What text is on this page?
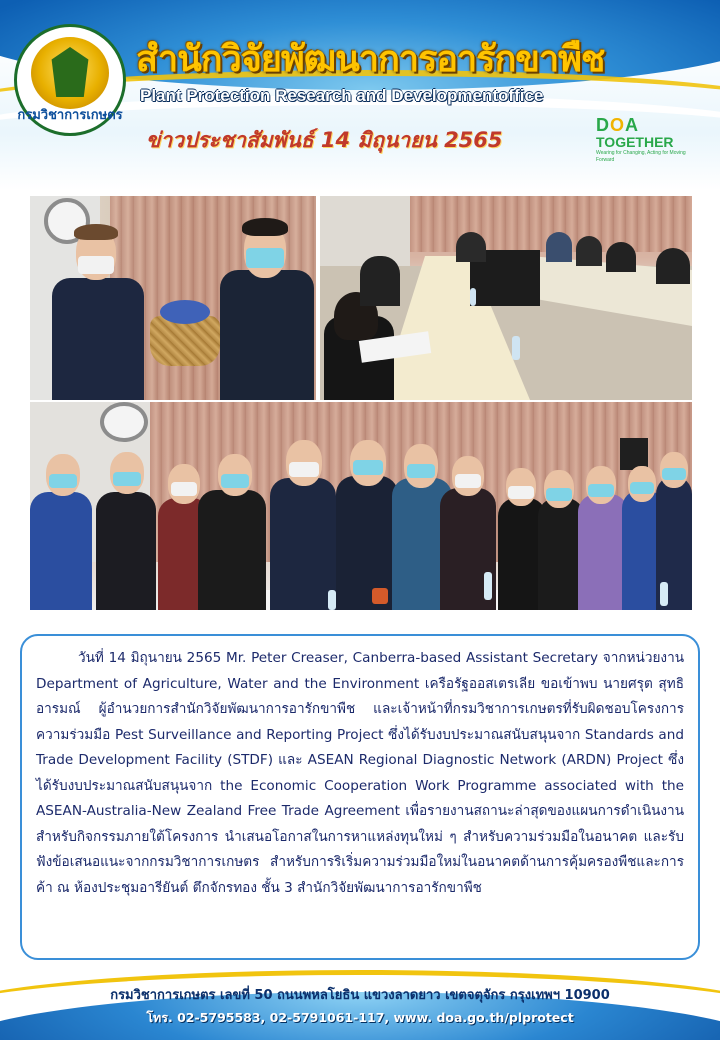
กรมวิชาการเกษตร
สำนักวิจัยพัฒนาการอารักขาพืช
Plant Protection Research and Developmentoffice
ข่าวประชาสัมพันธ์ 14 มิถุนายน 2565
DOA
TOGETHER
Wearing for Changing, Acting for Moving Forward

วันที่ 14 มิถุนายน 2565 Mr. Peter Creaser, Canberra-based Assistant Secretary จากหน่วยงาน Department of Agriculture, Water and the Environment เครือรัฐออสเตรเลีย ขอเข้าพบ นายศรุต สุทธิอารมณ์ ผู้อำนวยการสำนักวิจัยพัฒนาการอารักขาพืช และเจ้าหน้าที่กรมวิชาการเกษตรที่รับผิดชอบโครงการความร่วมมือ Pest Surveillance and Reporting Project ซึ่งได้รับงบประมาณสนับสนุนจาก Standards and Trade Development Facility (STDF) และ ASEAN Regional Diagnostic Network (ARDN) Project ซึ่งได้รับงบประมาณสนับสนุนจาก the Economic Cooperation Work Programme associated with the ASEAN-Australia-New Zealand Free Trade Agreement เพื่อรายงานสถานะล่าสุดของแผนการดำเนินงานสำหรับกิจกรรมภายใต้โครงการ นำเสนอโอกาสในการหาแหล่งทุนใหม่ ๆ สำหรับความร่วมมือในอนาคต และรับฟังข้อเสนอแนะจากกรมวิชาการเกษตร สำหรับการริเริ่มความร่วมมือใหม่ในอนาคตด้านการคุ้มครองพืชและการค้า ณ ห้องประชุมอารียันต์ ตึกจักรทอง ชั้น 3 สำนักวิจัยพัฒนาการอารักขาพืช

กรมวิชาการเกษตร เลขที่ 50 ถนนพหลโยธิน แขวงลาดยาว เขตจตุจักร กรุงเทพฯ 10900
โทร. 02-5795583, 02-5791061-117, www. doa.go.th/plprotect
